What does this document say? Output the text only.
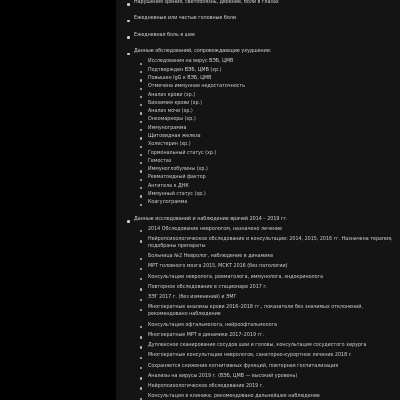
Нарушения зрения, светобоязнь, двоение, боли в глазах
Ежедневные или частые головные боли
Ежедневная боль в шее
Данные обследований, сопровождающие ухудшение:
Исследования на вирус ВЭБ, ЦМВ
Подтвержден ВЭБ, ЦМВ (хр.)
Повышен IgG к ВЭБ, ЦМВ
Отмечена иммунная недостаточность
Анализ крови (хр.)
Биохимия крови (хр.)
Анализ мочи (хр.)
Онкомаркеры (хр.)
Иммунограмма
Щитовидная железа
Холестерин (хр.)
Гормональный статус (хр.)
Гемостаз
Иммуноглобулины (хр.)
Ревматоидный фактор
Антитела к ДНК
Иммунный статус (хр.)
Коагулограмма
Данные исследований и наблюдение врачей 2014 – 2019 гг.
2014 Обследование неврологом, назначено лечение
Нейропсихологическое обследование и консультации: 2014, 2015, 2016 гг. Назначена терапия, подобраны препараты
Больница №2 Невролог, наблюдение в динамике
МРТ головного мозга 2015, МСКТ 2016 (без патологии)
Консультации невролога, ревматолога, иммунолога, эндокринолога
Повторное обследование в стационаре 2017 г.
ЭЭГ 2017 г. (без изменений) и ЭМГ
Многократные анализы крови 2016–2018 гг., показатели без значимых отклонений, рекомендовано наблюдение
Консультация офтальмолога, нейроофтальмолога
Многократные МРТ в динамике 2017–2019 гг.
Дуплексное сканирование сосудов шеи и головы, консультация сосудистого хирурга
Многократные консультации неврологов, санаторно-курортное лечение 2018 г.
Сохраняется снижение когнитивных функций, повторная госпитализация
Анализы на вирусы 2019 г. (ВЭБ, ЦМВ — высокий уровень)
Нейропсихологическое обследование 2019 г.
Консультация в клинике, рекомендовано дальнейшее наблюдение
